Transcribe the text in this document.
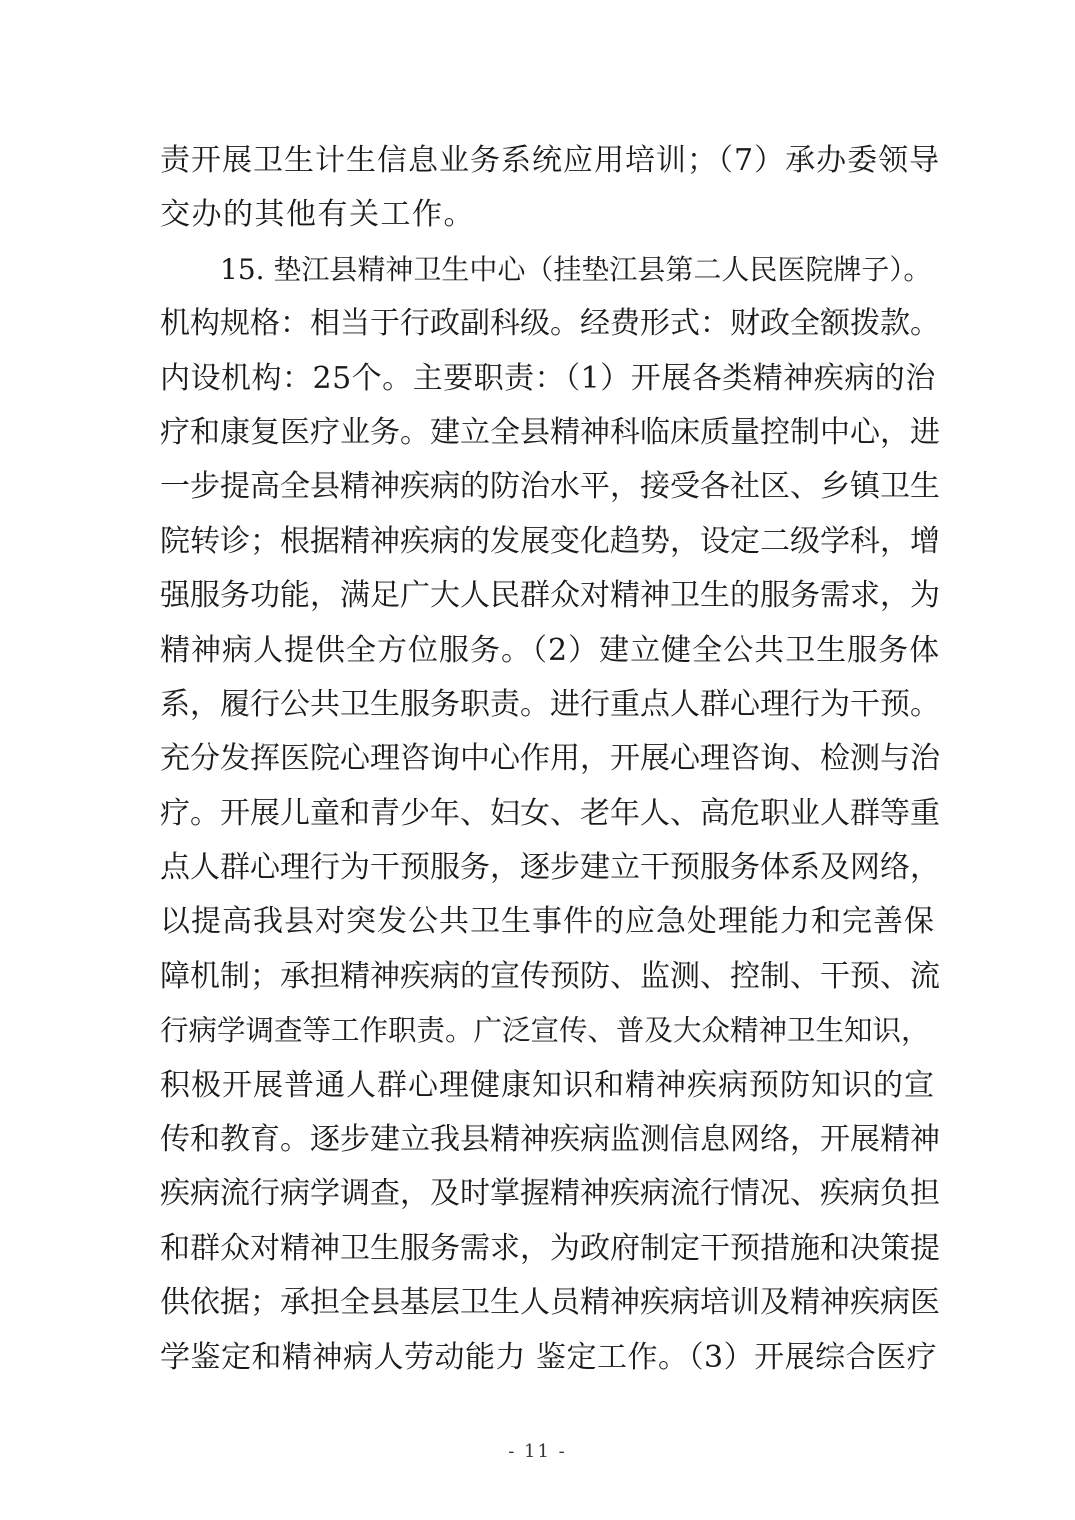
责开展卫生计生信息业务系统应用培训；（7）承办委领导
交办的其他有关工作。
15. 垫江县精神卫生中心（挂垫江县第二人民医院牌子）。
机构规格：相当于行政副科级。经费形式：财政全额拨款。
内设机构：25个。主要职责：（1）开展各类精神疾病的治
疗和康复医疗业务。建立全县精神科临床质量控制中心，进
一步提高全县精神疾病的防治水平，接受各社区、乡镇卫生
院转诊；根据精神疾病的发展变化趋势，设定二级学科，增
强服务功能，满足广大人民群众对精神卫生的服务需求，为
精神病人提供全方位服务。（2）建立健全公共卫生服务体
系，履行公共卫生服务职责。进行重点人群心理行为干预。
充分发挥医院心理咨询中心作用，开展心理咨询、检测与治
疗。开展儿童和青少年、妇女、老年人、高危职业人群等重
点人群心理行为干预服务，逐步建立干预服务体系及网络，
以提高我县对突发公共卫生事件的应急处理能力和完善保
障机制；承担精神疾病的宣传预防、监测、控制、干预、流
行病学调查等工作职责。广泛宣传、普及大众精神卫生知识，
积极开展普通人群心理健康知识和精神疾病预防知识的宣
传和教育。逐步建立我县精神疾病监测信息网络，开展精神
疾病流行病学调查，及时掌握精神疾病流行情况、疾病负担
和群众对精神卫生服务需求，为政府制定干预措施和决策提
供依据；承担全县基层卫生人员精神疾病培训及精神疾病医
学鉴定和精神病人劳动能力 鉴定工作。（3）开展综合医疗
- 11 -
